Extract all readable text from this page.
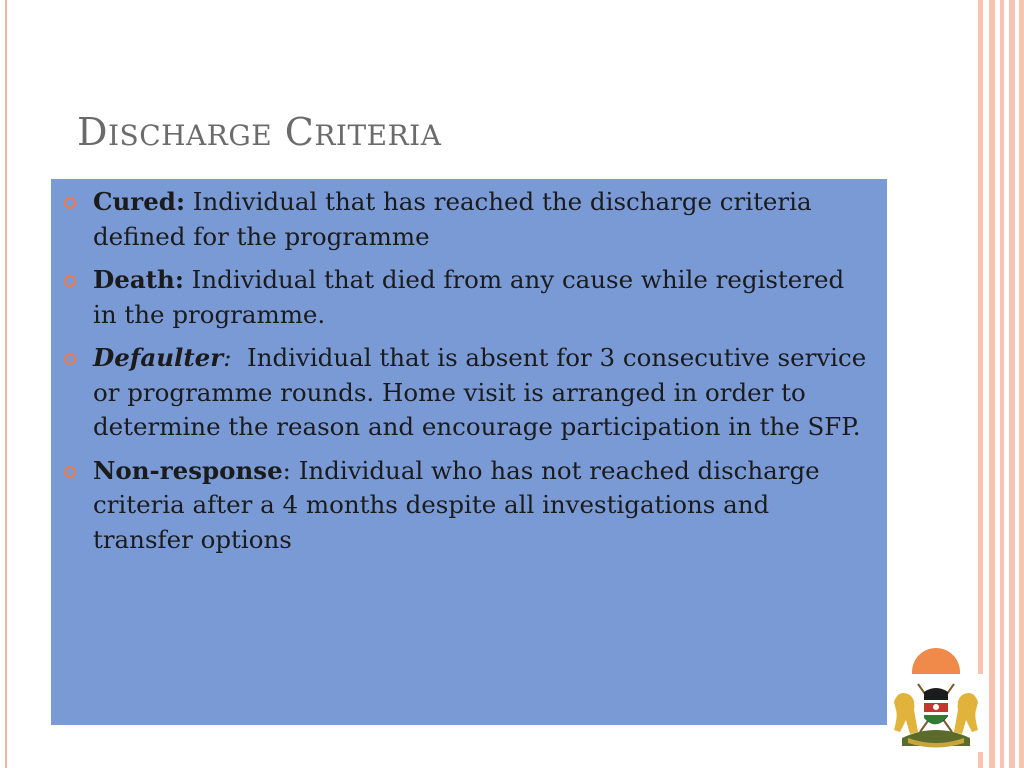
DISCHARGE CRITERIA
Cured: Individual that has reached the discharge criteria defined for the programme
Death: Individual that died from any cause while registered in the programme.
Defaulter:  Individual that is absent for 3 consecutive service or programme rounds. Home visit is arranged in order to determine the reason and encourage participation in the SFP.
Non-response: Individual who has not reached discharge criteria after a 4 months despite all investigations and transfer options
